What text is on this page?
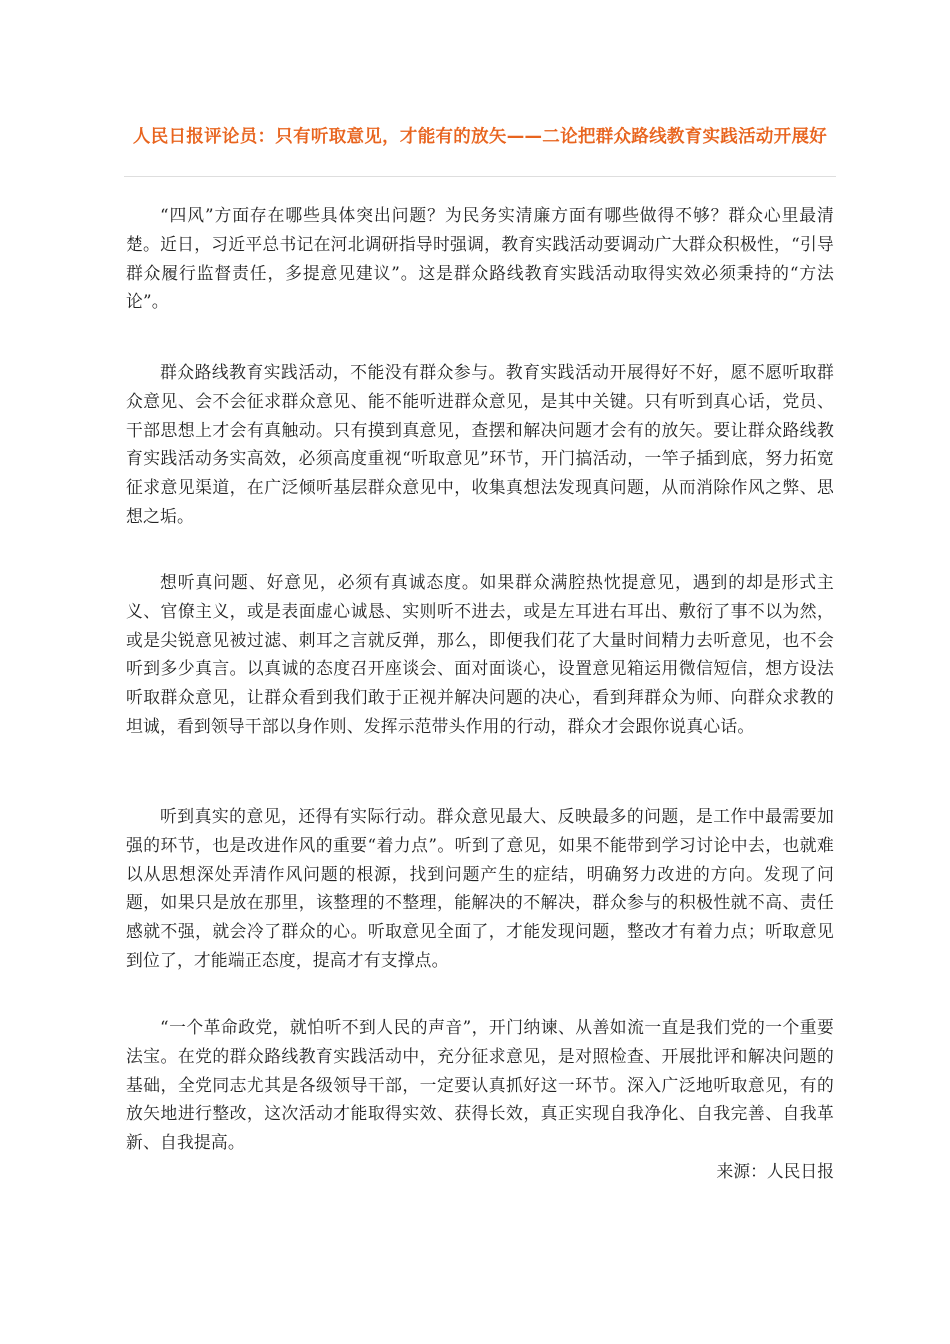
人民日报评论员：只有听取意见，才能有的放矢——二论把群众路线教育实践活动开展好

“四风”方面存在哪些具体突出问题？为民务实清廉方面有哪些做得不够？群众心里最清楚。近日，习近平总书记在河北调研指导时强调，教育实践活动要调动广大群众积极性，“引导群众履行监督责任，多提意见建议”。这是群众路线教育实践活动取得实效必须秉持的“方法论”。

群众路线教育实践活动，不能没有群众参与。教育实践活动开展得好不好，愿不愿听取群众意见、会不会征求群众意见、能不能听进群众意见，是其中关键。只有听到真心话，党员、干部思想上才会有真触动。只有摸到真意见，查摆和解决问题才会有的放矢。要让群众路线教育实践活动务实高效，必须高度重视“听取意见”环节，开门搞活动，一竿子插到底，努力拓宽征求意见渠道，在广泛倾听基层群众意见中，收集真想法发现真问题，从而消除作风之弊、思想之垢。

想听真问题、好意见，必须有真诚态度。如果群众满腔热忱提意见，遇到的却是形式主义、官僚主义，或是表面虚心诚恳、实则听不进去，或是左耳进右耳出、敷衍了事不以为然，或是尖锐意见被过滤、刺耳之言就反弹，那么，即便我们花了大量时间精力去听意见，也不会听到多少真言。以真诚的态度召开座谈会、面对面谈心，设置意见箱运用微信短信，想方设法听取群众意见，让群众看到我们敢于正视并解决问题的决心，看到拜群众为师、向群众求教的坦诚，看到领导干部以身作则、发挥示范带头作用的行动，群众才会跟你说真心话。

听到真实的意见，还得有实际行动。群众意见最大、反映最多的问题，是工作中最需要加强的环节，也是改进作风的重要“着力点”。听到了意见，如果不能带到学习讨论中去，也就难以从思想深处弄清作风问题的根源，找到问题产生的症结，明确努力改进的方向。发现了问题，如果只是放在那里，该整理的不整理，能解决的不解决，群众参与的积极性就不高、责任感就不强，就会冷了群众的心。听取意见全面了，才能发现问题，整改才有着力点；听取意见到位了，才能端正态度，提高才有支撑点。

“一个革命政党，就怕听不到人民的声音”，开门纳谏、从善如流一直是我们党的一个重要法宝。在党的群众路线教育实践活动中，充分征求意见，是对照检查、开展批评和解决问题的基础，全党同志尤其是各级领导干部，一定要认真抓好这一环节。深入广泛地听取意见，有的放矢地进行整改，这次活动才能取得实效、获得长效，真正实现自我净化、自我完善、自我革新、自我提高。

来源：人民日报
